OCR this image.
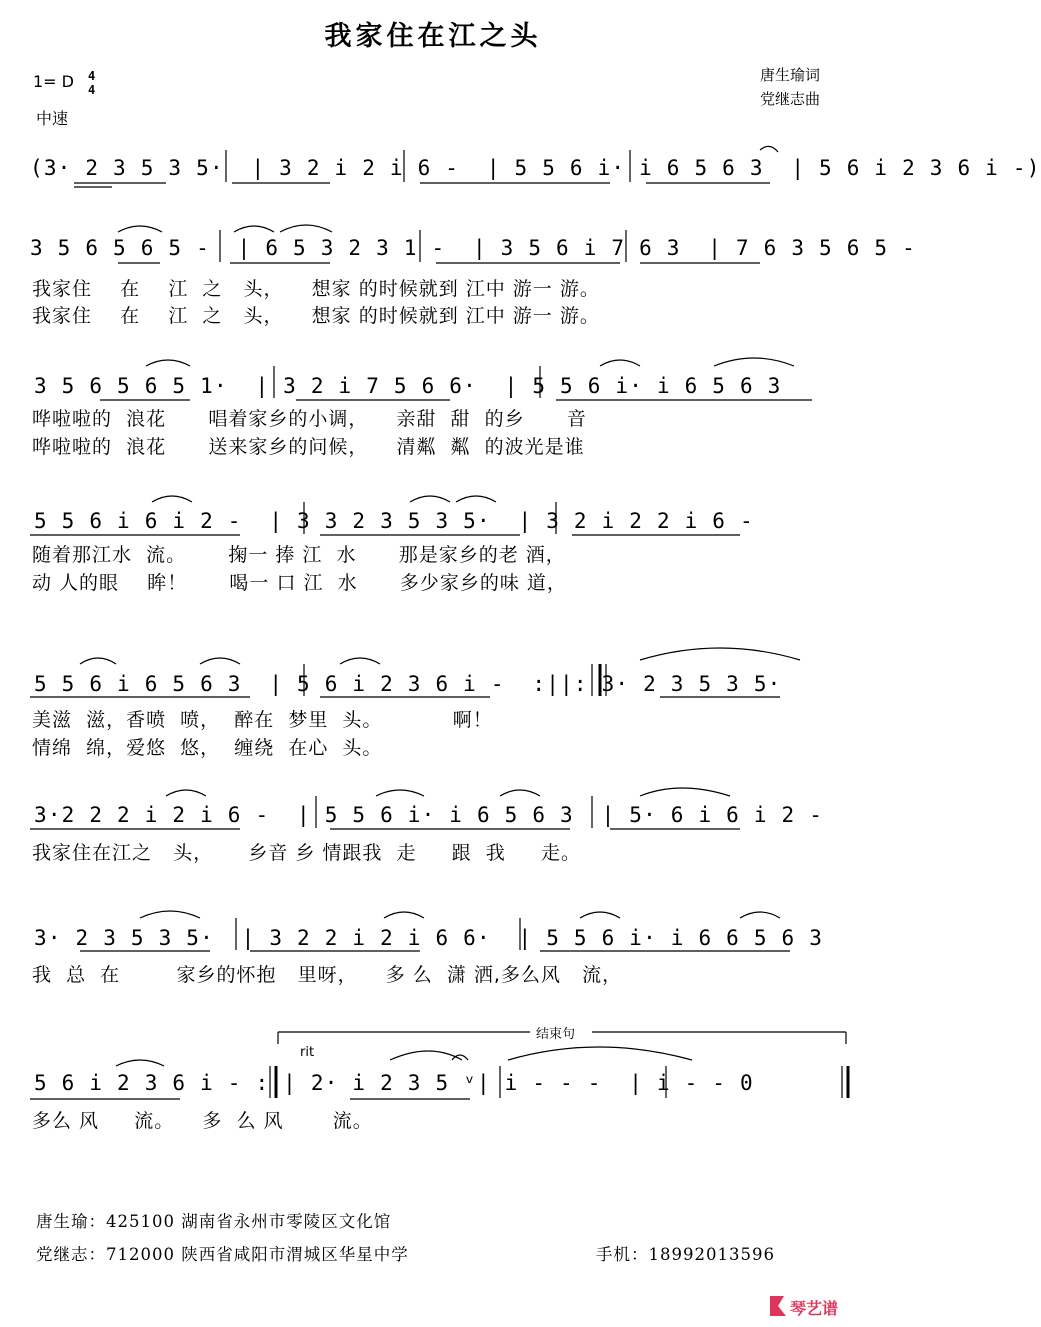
我家住在江之头
1= D 4
4
中速
唐生瑜词
党继志曲
(3· 2 3 5 3 5·  | 3 2 i 2 i 6 -  | 5 5 6 i· i 6 5 6 3  | 5 6 i 2 3 6 i -)
3 5 6 5 6 5 -  | 6 5 3 2 3 1 -  | 3 5 6 i 7 6 3  | 7 6 3 5 6 5 -
我家住    在    江  之   头，    想家 的时候就到 江中 游一 游。
我家住    在    江  之   头，    想家 的时候就到 江中 游一 游。
3 5 6 5 6 5 1·  | 3 2 i 7 5 6 6·  | 5 5 6 i· i 6 5 6 3
哗啦啦的  浪花      唱着家乡的小调，    亲甜  甜  的乡      音
哗啦啦的  浪花      送来家乡的问候，    清粼  粼  的波光是谁
5 5 6 i 6 i 2 -  | 3 3 2 3 5 3 5·  | 3 2 i 2 2 i 6 -
随着那江水  流。      掬一 捧 江  水      那是家乡的老 酒，
动 人的眼    眸！      喝一 口 江  水      多少家乡的味 道，
5 5 6 i 6 5 6 3  | 5 6 i 2 3 6 i -  :||: 3· 2 3 5 3 5·
美滋  滋，香喷  喷，  醉在  梦里  头。          啊！
情绵  绵，爱悠  悠，  缠绕  在心  头。
3·2 2 2 i 2 i 6 -  | 5 5 6 i· i 6 5 6 3  | 5· 6 i 6 i 2 -
我家住在江之   头，     乡音 乡 情跟我  走     跟  我     走。
3· 2 3 5 3 5·  | 3 2 2 i 2 i 6 6·  | 5 5 6 i· i 6 6 5 6 3
我  总  在        家乡的怀抱   里呀，    多 么  潇 洒,多么风   流，
结束句
rit
5 6 i 2 3 6 i - :|| 2· i 2 3 5 ᵛ| i - - -  | i - - 0
多么 风     流。    多  么 风       流。
唐生瑜：425100 湖南省永州市零陵区文化馆
党继志：712000 陕西省咸阳市渭城区华星中学	手机：18992013596
琴艺谱
